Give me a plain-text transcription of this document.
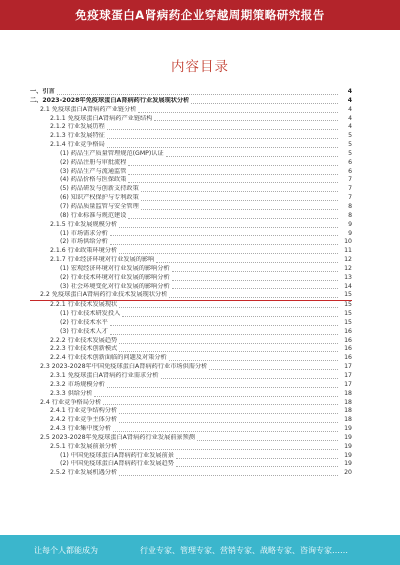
免疫球蛋白A肾病药企业穿越周期策略研究报告
内容目录
一、引言	4
二、2023-2028年免疫球蛋白A肾病药行业发展现状分析	4
2.1 免疫球蛋白A肾病药产业链分析	4
2.1.1 免疫球蛋白A肾病药产业链结构	4
2.1.2 行业发展历程	4
2.1.3 行业发展特征	5
2.1.4 行业竞争格局	5
(1) 药品生产质量管理规范(GMP)认证	5
(2) 药品注册与审批流程	6
(3) 药品生产与流通监管	6
(4) 药品价格与医保政策	7
(5) 药品研发与创新支持政策	7
(6) 知识产权保护与专利政策	7
(7) 药品质量监管与安全管理	8
(8) 行业标准与规范建设	8
2.1.5 行业发展规模分析	9
(1) 市场需求分析	9
(2) 市场供给分析	10
2.1.6 行业政策环境分析	11
2.1.7 行业经济环境对行业发展的影响	12
(1) 宏观经济环境对行业发展的影响分析	12
(2) 行业技术环境对行业发展的影响分析	13
(3) 社会环境变化对行业发展的影响分析	14
2.2 免疫球蛋白A肾病药行业技术发展现状分析	15
2.2.1 行业技术发展现状	15
(1) 行业技术研发投入	15
(2) 行业技术水平	15
(3) 行业技术人才	16
2.2.2 行业技术发展趋势	16
2.2.3 行业技术创新模式	16
2.2.4 行业技术创新面临的问题及对策分析	16
2.3 2023-2028年中国免疫球蛋白A肾病药行业市场供需分析	17
2.3.1 免疫球蛋白A肾病药行业需求分析	17
2.3.2 市场规模分析	17
2.3.3 供给分析	18
2.4 行业竞争格局分析	18
2.4.1 行业竞争结构分析	18
2.4.2 行业竞争主体分析	18
2.4.3 行业集中度分析	19
2.5 2023-2028年免疫球蛋白A肾病药行业发展前景预测	19
2.5.1 行业发展前景分析	19
(1) 中国免疫球蛋白A肾病药行业发展前景	19
(2) 中国免疫球蛋白A肾病药行业发展趋势	19
2.5.2 行业发展机遇分析	20
让每个人都能成为	行业专家、管理专家、营销专家、战略专家、咨询专家……
